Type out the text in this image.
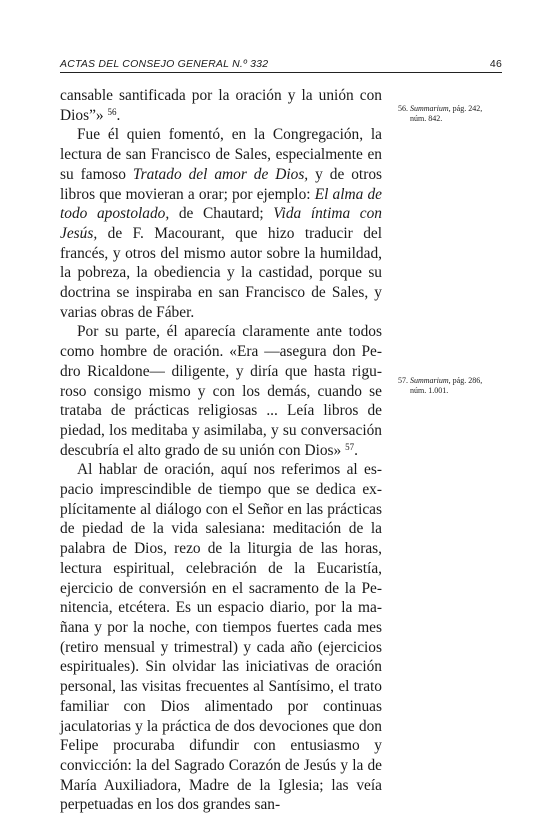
ACTAS DEL CONSEJO GENERAL N.º 332	46

cansable santificada por la oración y la unión con Dios”» $^{56}$.

Fue él quien fomentó, en la Congregación, la lectura de san Francisco de Sales, especialmente en su famoso Tratado del amor de Dios, y de otros libros que movieran a orar; por ejemplo: El alma de todo apostolado, de Chautard; Vida íntima con Jesús, de F. Macourant, que hizo traducir del francés, y otros del mismo autor sobre la humildad, la pobreza, la obediencia y la castidad, porque su doctrina se inspiraba en san Francisco de Sales, y varias obras de Fáber.

Por su parte, él aparecía claramente ante todos como hombre de oración. «Era —asegura don Pedro Ricaldone— diligente, y diría que hasta riguroso consigo mismo y con los demás, cuando se trataba de prácticas religiosas ... Leía libros de piedad, los meditaba y asimilaba, y su conversación descubría el alto grado de su unión con Dios» $^{57}$.

Al hablar de oración, aquí nos referimos al espacio imprescindible de tiempo que se dedica explícitamente al diálogo con el Señor en las prácticas de piedad de la vida salesiana: meditación de la palabra de Dios, rezo de la liturgia de las horas, lectura espiritual, celebración de la Eucaristía, ejercicio de conversión en el sacramento de la Penitencia, etcétera. Es un espacio diario, por la mañana y por la noche, con tiempos fuertes cada mes (retiro mensual y trimestral) y cada año (ejercicios espirituales). Sin olvidar las iniciativas de oración personal, las visitas frecuentes al Santísimo, el trato familiar con Dios alimentado por continuas jaculatorias y la práctica de dos devociones que don Felipe procuraba difundir con entusiasmo y convicción: la del Sagrado Corazón de Jesús y la de María Auxiliadora, Madre de la Iglesia; las veía perpetuadas en los dos grandes san-

56. Summarium, pág. 242,
núm. 842.
57. Summarium, pág. 286,
núm. 1.001.
